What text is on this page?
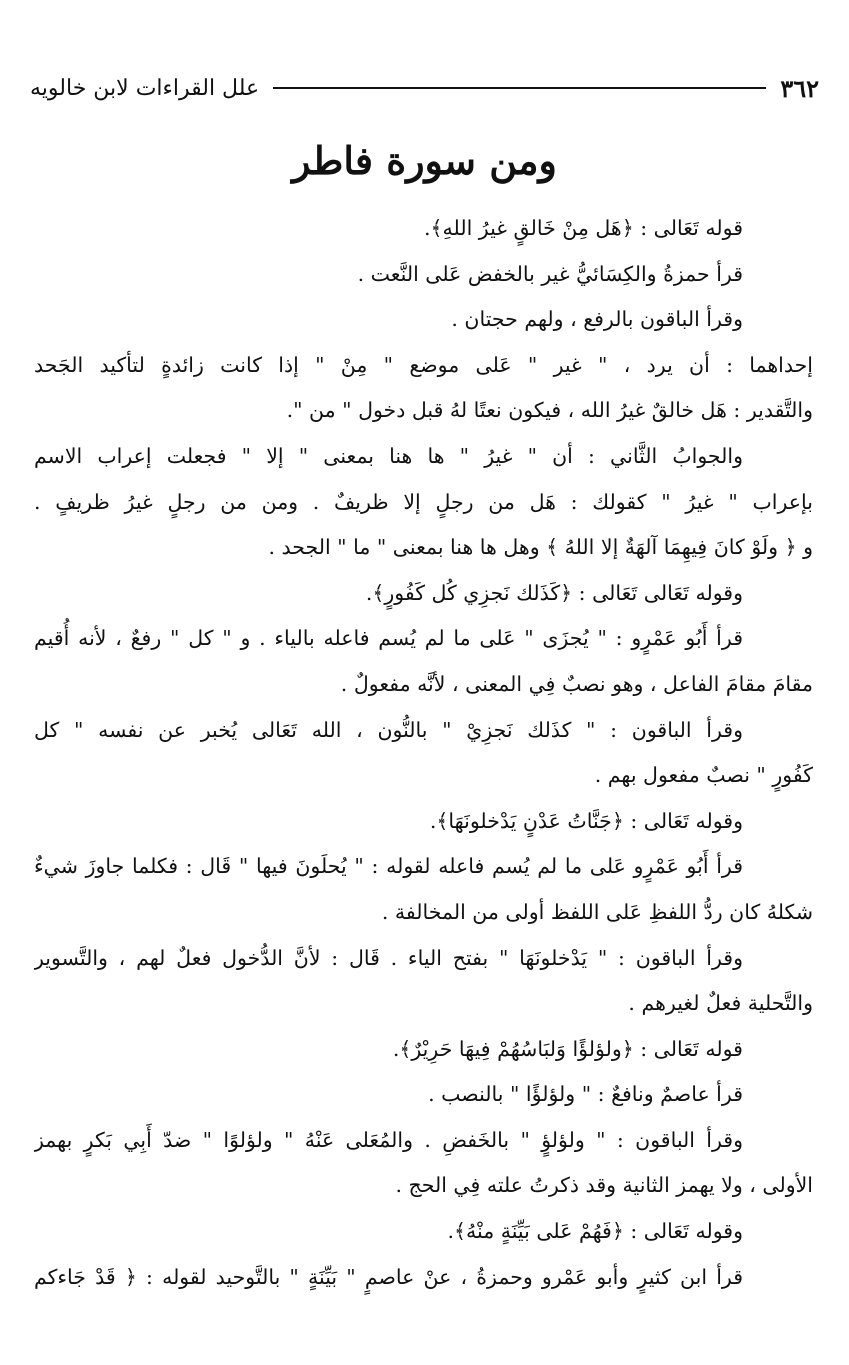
٣٦٢
علل القراءات لابن خالويه
ومن سورة فاطر
قوله تَعَالى : ﴿هَل مِنْ خَالقٍ غيرُ اللهِ﴾.
قرأ حمزةُ والكِسَائيُّ غير بالخفض عَلى النَّعت .
وقرأ الباقون بالرفع ، ولهم حجتان .
إحداهما : أن يرد ، " غير " عَلى موضع " مِنْ " إذا كانت زائدةٍ لتأكيد الجَحد
والتَّقدير : هَل خالقٌ غيرُ الله ، فيكون نعتًا لهُ قبل دخول " من ".
والجوابُ الثَّاني : أن " غيرُ " ها هنا بمعنى " إلا " فجعلت إعراب الاسم
بإعراب " غيرُ " كقولك : هَل من رجلٍ إلا ظريفٌ . ومن من رجلٍ غيرُ ظريفٍ .
و ﴿ ولَوْ كانَ فِيهِمَا آلهَةٌ إلا اللهُ ﴾ وهل ها هنا بمعنى " ما " الجحد .
وقوله تَعَالى تَعَالى : ﴿كَذَلك نَجزِي كُل كَفُورٍ﴾.
قرأ أَبُو عَمْرٍو : " يُجزَى " عَلى ما لم يُسم فاعله بالياء . و " كل " رفعٌ ، لأنه أُقيم
مقامَ مقامَ الفاعل ، وهو نصبٌ فِي المعنى ، لأنَّه مفعولٌ .
وقرأ الباقون : " كذَلك نَجزِيْ " بالنُّون ، الله تَعَالى يُخبر عن نفسه " كل
كَفُورٍ " نصبٌ مفعول بهم .
وقوله تَعَالى : ﴿جَنَّاتُ عَدْنٍ يَدْخلونَهَا﴾.
قرأ أَبُو عَمْرٍو عَلى ما لم يُسم فاعله لقوله : " يُحلَونَ فيها " قَال : فكلما جاوزَ شيءٌ
شكلهُ كان ردُّ اللفظِ عَلى اللفظ أولى من المخالفة .
وقرأ الباقون : " يَدْخلونَهَا " بفتح الياء . قَال : لأنَّ الدُّخول فعلٌ لهم ، والتَّسوير
والتَّحلية فعلٌ لغيرهم .
قوله تَعَالى : ﴿ولؤلؤًا وَلبَاسُهُمْ فِيهَا حَرِيْرٌ﴾.
قرأ عاصمٌ ونافعٌ : " ولؤلؤًا " بالنصب .
وقرأ الباقون : " ولؤلؤٍ " بالخَفضِ . والمُعَلى عَنْهُ " ولؤلوًا " ضدّ أَبِي بَكرٍ بهمز
الأولى ، ولا يهمز الثانية وقد ذكرتُ علته فِي الحج .
وقوله تَعَالى : ﴿فَهُمْ عَلى بَيِّنَةٍ منْهُ﴾.
قرأ ابن كثيرٍ وأبو عَمْرو وحمزةُ ، عنْ عاصمٍ " بَيِّنَةٍ " بالتَّوحيد لقوله : ﴿ قَدْ جَاءكم
